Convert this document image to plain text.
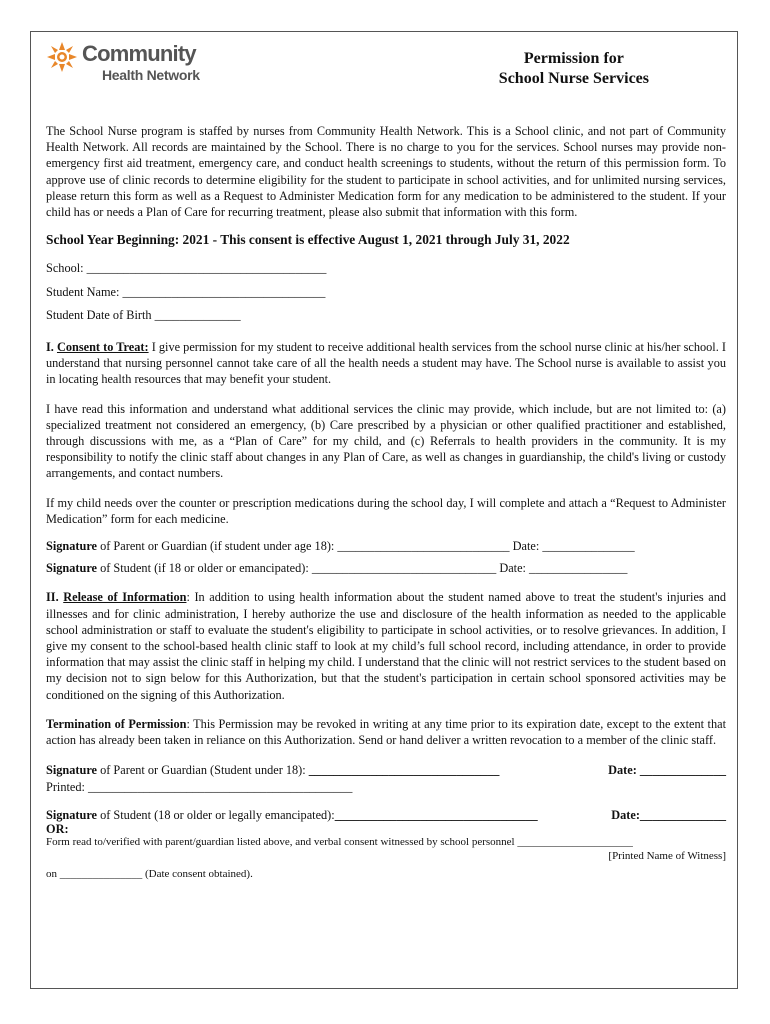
Community
Health Network
Permission for
School Nurse Services

The School Nurse program is staffed by nurses from Community Health Network. This is a School clinic, and not part of Community Health Network. All records are maintained by the School. There is no charge to you for the services. School nurses may provide non-emergency first aid treatment, emergency care, and conduct health screenings to students, without the return of this permission form. To approve use of clinic records to determine eligibility for the student to participate in school activities, and for unlimited nursing services, please return this form as well as a Request to Administer Medication form for any medication to be administered to the student. If your child has or needs a Plan of Care for recurring treatment, please also submit that information with this form.

School Year Beginning: 2021 - This consent is effective August 1, 2021 through July 31, 2022

School: _______________________________________

Student Name: _________________________________

Student Date of Birth ______________

I. Consent to Treat: I give permission for my student to receive additional health services from the school nurse clinic at his/her school. I understand that nursing personnel cannot take care of all the health needs a student may have. The School nurse is available to assist you in locating health resources that may benefit your student.

I have read this information and understand what additional services the clinic may provide, which include, but are not limited to: (a) specialized treatment not considered an emergency, (b) Care prescribed by a physician or other qualified practitioner and established, through discussions with me, as a “Plan of Care” for my child, and (c) Referrals to health providers in the community. It is my responsibility to notify the clinic staff about changes in any Plan of Care, as well as changes in guardianship, the child's living or custody arrangements, and contact numbers.

If my child needs over the counter or prescription medications during the school day, I will complete and attach a “Request to Administer Medication” form for each medicine.

Signature of Parent or Guardian (if student under age 18): ____________________________ Date: _______________

Signature of Student (if 18 or older or emancipated): ______________________________ Date: ________________

II. Release of Information: In addition to using health information about the student named above to treat the student's injuries and illnesses and for clinic administration, I hereby authorize the use and disclosure of the health information as needed to the applicable school administration or staff to evaluate the student's eligibility to participate in school activities, or to resolve grievances. In addition, I give my consent to the school-based health clinic staff to look at my child’s full school record, including attendance, in order to provide information that may assist the clinic staff in helping my child. I understand that the clinic will not restrict services to the student based on my decision not to sign below for this Authorization, but that the student's participation in certain school sponsored activities may be conditioned on the signing of this Authorization.

Termination of Permission: This Permission may be revoked in writing at any time prior to its expiration date, except to the extent that action has already been taken in reliance on this Authorization. Send or hand deliver a written revocation to a member of the clinic staff.

Signature of Parent or Guardian (Student under 18): _______________________________	Date: ______________

Printed: ___________________________________________

Signature of Student (18 or older or legally emancipated):_________________________________	Date:______________

OR:

Form read to/verified with parent/guardian listed above, and verbal consent witnessed by school personnel _____________________

[Printed Name of Witness]

on _______________ (Date consent obtained).
